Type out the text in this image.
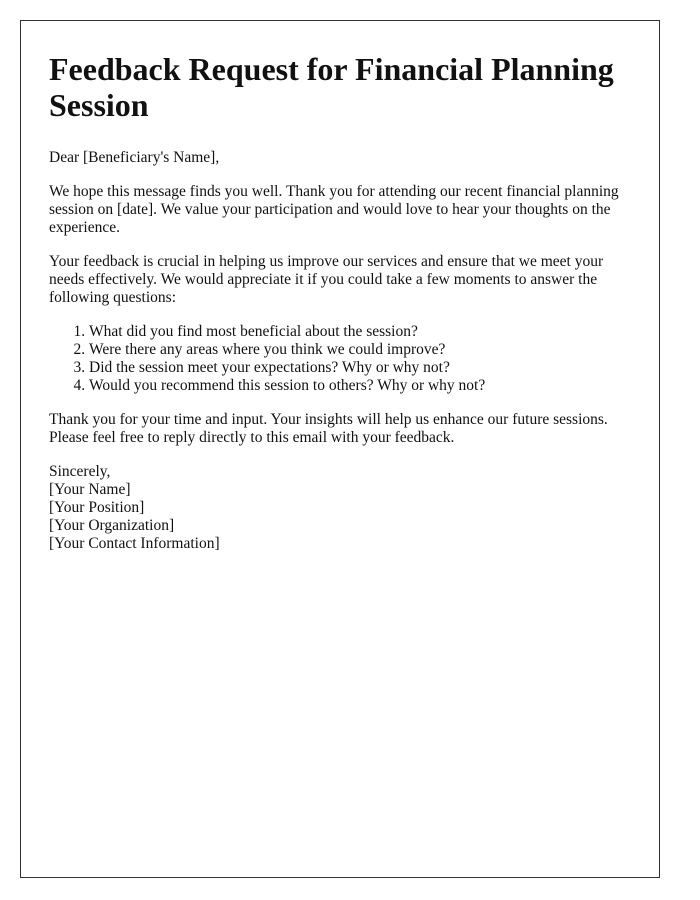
Feedback Request for Financial Planning Session

Dear [Beneficiary's Name],

We hope this message finds you well. Thank you for attending our recent financial planning session on [date]. We value your participation and would love to hear your thoughts on the experience.

Your feedback is crucial in helping us improve our services and ensure that we meet your needs effectively. We would appreciate it if you could take a few moments to answer the following questions:

1. What did you find most beneficial about the session?
2. Were there any areas where you think we could improve?
3. Did the session meet your expectations? Why or why not?
4. Would you recommend this session to others? Why or why not?

Thank you for your time and input. Your insights will help us enhance our future sessions. Please feel free to reply directly to this email with your feedback.

Sincerely,
[Your Name]
[Your Position]
[Your Organization]
[Your Contact Information]
